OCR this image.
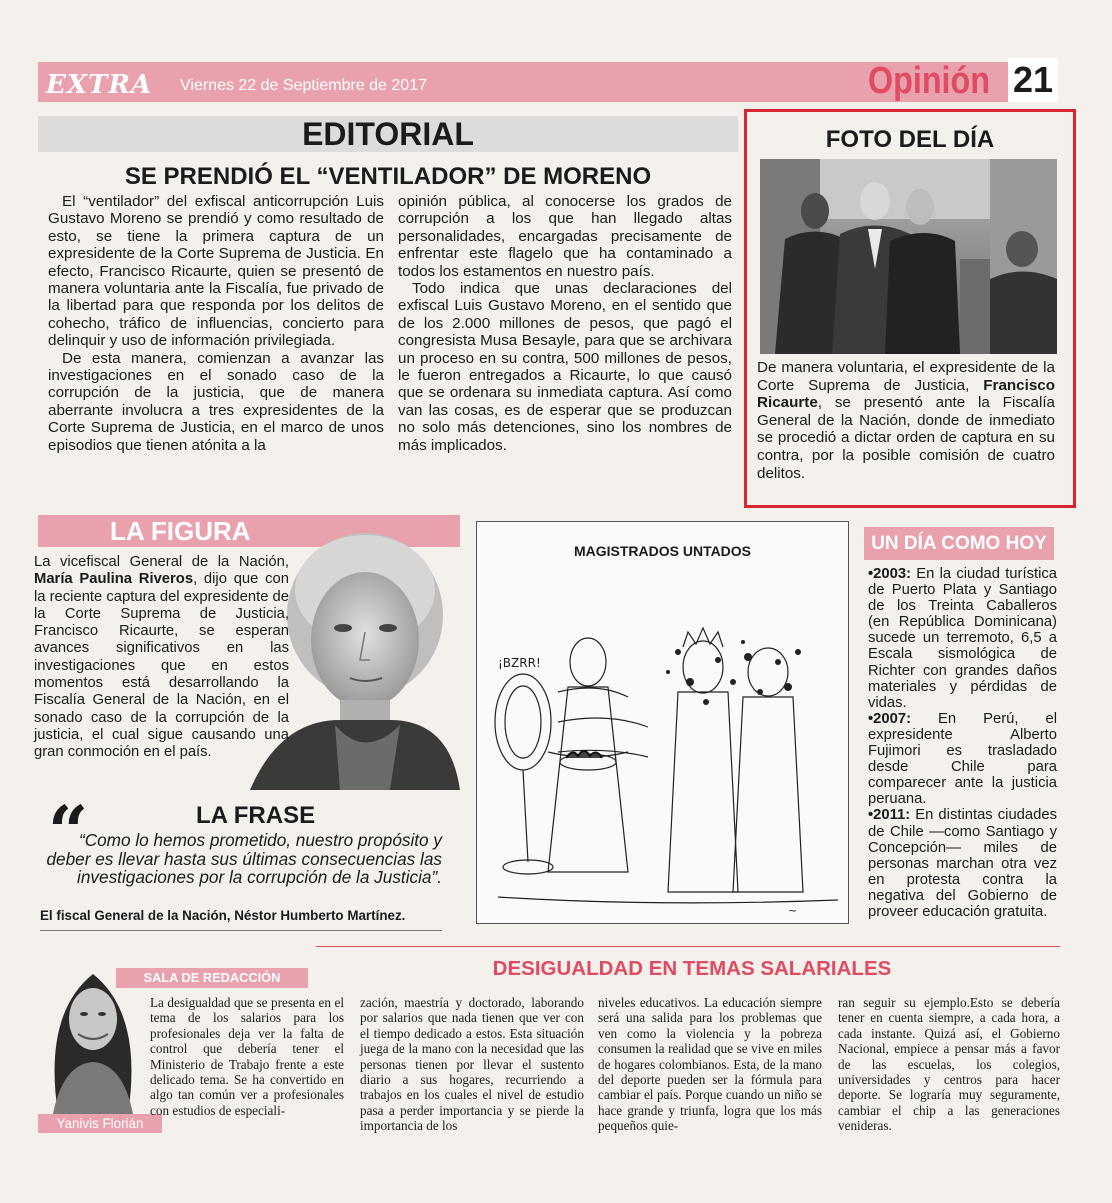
EXTRA Viernes 22 de Septiembre de 2017	Opinión 21
EDITORIAL
SE PRENDIÓ EL “VENTILADOR” DE MORENO

El “ventilador” del exfiscal anticorrupción Luis Gustavo Moreno se prendió y como resultado de esto, se tiene la primera captura de un expresidente de la Corte Suprema de Justicia. En efecto, Francisco Ricaurte, quien se presentó de manera voluntaria ante la Fiscalía, fue privado de la libertad para que responda por los delitos de cohecho, tráfico de influencias, concierto para delinquir y uso de información privilegiada.

De esta manera, comienzan a avanzar las investigaciones en el sonado caso de la corrupción de la justicia, que de manera aberrante involucra a tres expresidentes de la Corte Suprema de Justicia, en el marco de unos episodios que tienen atónita a la

opinión pública, al conocerse los grados de corrupción a los que han llegado altas personalidades, encargadas precisamente de enfrentar este flagelo que ha contaminado a todos los estamentos en nuestro país.

Todo indica que unas declaraciones del exfiscal Luis Gustavo Moreno, en el sentido que de los 2.000 millones de pesos, que pagó el congresista Musa Besayle, para que se archivara un proceso en su contra, 500 millones de pesos, le fueron entregados a Ricaurte, lo que causó que se ordenara su inmediata captura. Así como van las cosas, es de esperar que se produzcan no solo más detenciones, sino los nombres de más implicados.

FOTO DEL DÍA
De manera voluntaria, el expresidente de la Corte Suprema de Justicia, Francisco Ricaurte, se presentó ante la Fiscalía General de la Nación, donde de inmediato se procedió a dictar orden de captura en su contra, por la posible comisión de cuatro delitos.
LA FIGURA
La vicefiscal General de la Nación, María Paulina Riveros, dijo que con la reciente captura del expresidente de la Corte Suprema de Justicia, Francisco Ricaurte, se esperan avances significativos en las investigaciones que en estos momentos está desarrollando la Fiscalía General de la Nación, en el sonado caso de la corrupción de la justicia, el cual sigue causando una gran conmoción en el país.
“	LA FRASE
“Como lo hemos prometido, nuestro propósito y deber es llevar hasta sus últimas consecuencias las investigaciones por la corrupción de la Justicia”.
El fiscal General de la Nación, Néstor Humberto Martínez.
MAGISTRADOS UNTADOS
¡BZRR!
~
UN DÍA COMO HOY

•2003: En la ciudad turística de Puerto Plata y Santiago de los Treinta Caballeros (en República Dominicana) sucede un terremoto, 6,5 a Escala sismológica de Richter con grandes daños materiales y pérdidas de vidas.

•2007: En Perú, el expresidente Alberto Fujimori es trasladado desde Chile para comparecer ante la justicia peruana.

•2011: En distintas ciudades de Chile —como Santiago y Concepción— miles de personas marchan otra vez en protesta contra la negativa del Gobierno de proveer educación gratuita.

DESIGUALDAD EN TEMAS SALARIALES
SALA DE REDACCIÓN
Yanivis Florián
La desigualdad que se presenta en el tema de los salarios para los profesionales deja ver la falta de control que debería tener el Ministerio de Trabajo frente a este delicado tema. Se ha convertido en algo tan común ver a profesionales con estudios de especiali-
zación, maestría y doctorado, laborando por salarios que nada tienen que ver con el tiempo dedicado a estos. Esta situación juega de la mano con la necesidad que las personas tienen por llevar el sustento diario a sus hogares, recurriendo a trabajos en los cuales el nivel de estudio pasa a perder importancia y se pierde la importancia de los
niveles educativos. La educación siempre será una salida para los problemas que ven como la violencia y la pobreza consumen la realidad que se vive en miles de hogares colombianos. Esta, de la mano del deporte pueden ser la fórmula para cambiar el país. Porque cuando un niño se hace grande y triunfa, logra que los más pequeños quie-
ran seguir su ejemplo.Esto se debería tener en cuenta siempre, a cada hora, a cada instante. Quizá así, el Gobierno Nacional, empiece a pensar más a favor de las escuelas, los colegios, universidades y centros para hacer deporte. Se lograría muy seguramente, cambiar el chip a las generaciones venideras.
